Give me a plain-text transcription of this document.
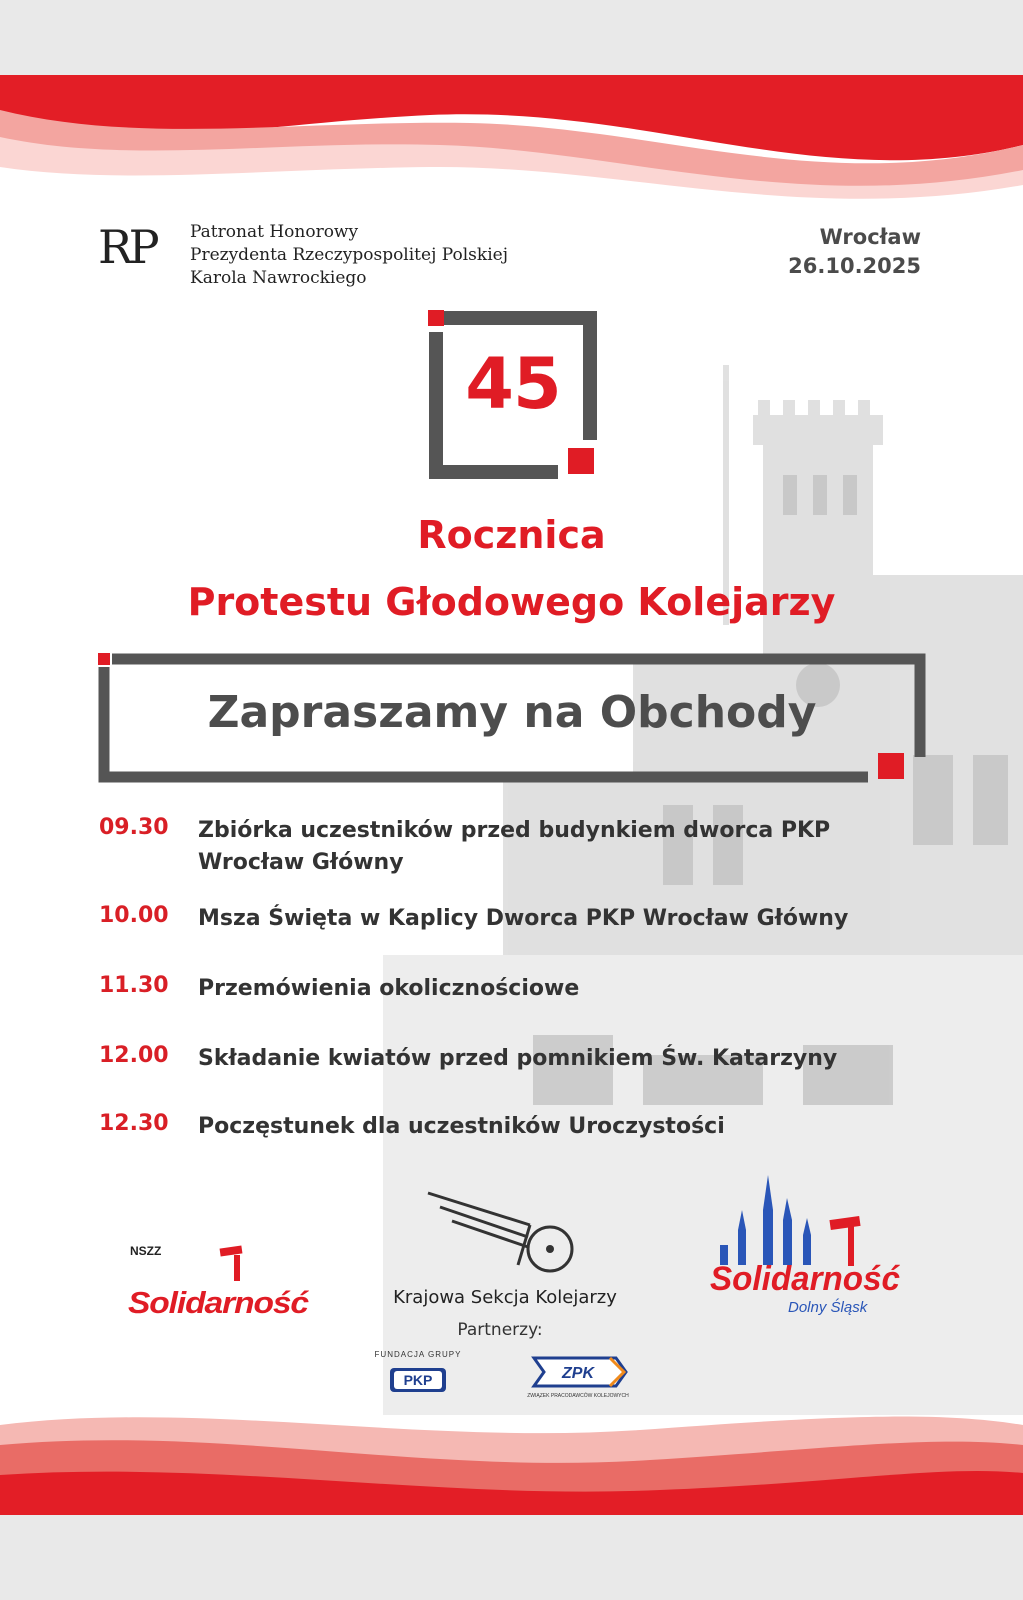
RP Patronat Honorowy
Prezydenta Rzeczypospolitej Polskiej
Karola Nawrockiego
Wrocław
26.10.2025
45
Rocznica
Protestu Głodowego Kolejarzy
Zapraszamy na Obchody
09.30	Zbiórka uczestników przed budynkiem dworca PKP
Wrocław Główny
10.00	Msza Święta w Kaplicy Dworca PKP Wrocław Główny
11.30	Przemówienia okolicznościowe
12.00	Składanie kwiatów przed pomnikiem Św. Katarzyny
12.30	Poczęstunek dla uczestników Uroczystości
NSZZ
Solidarność	Krajowa Sekcja Kolejarzy	Solidarność
Dolny Śląsk
Partnerzy:
FUNDACJA GRUPY
PKP	ZPK
ZWIĄZEK PRACODAWCÓW KOLEJOWYCH
